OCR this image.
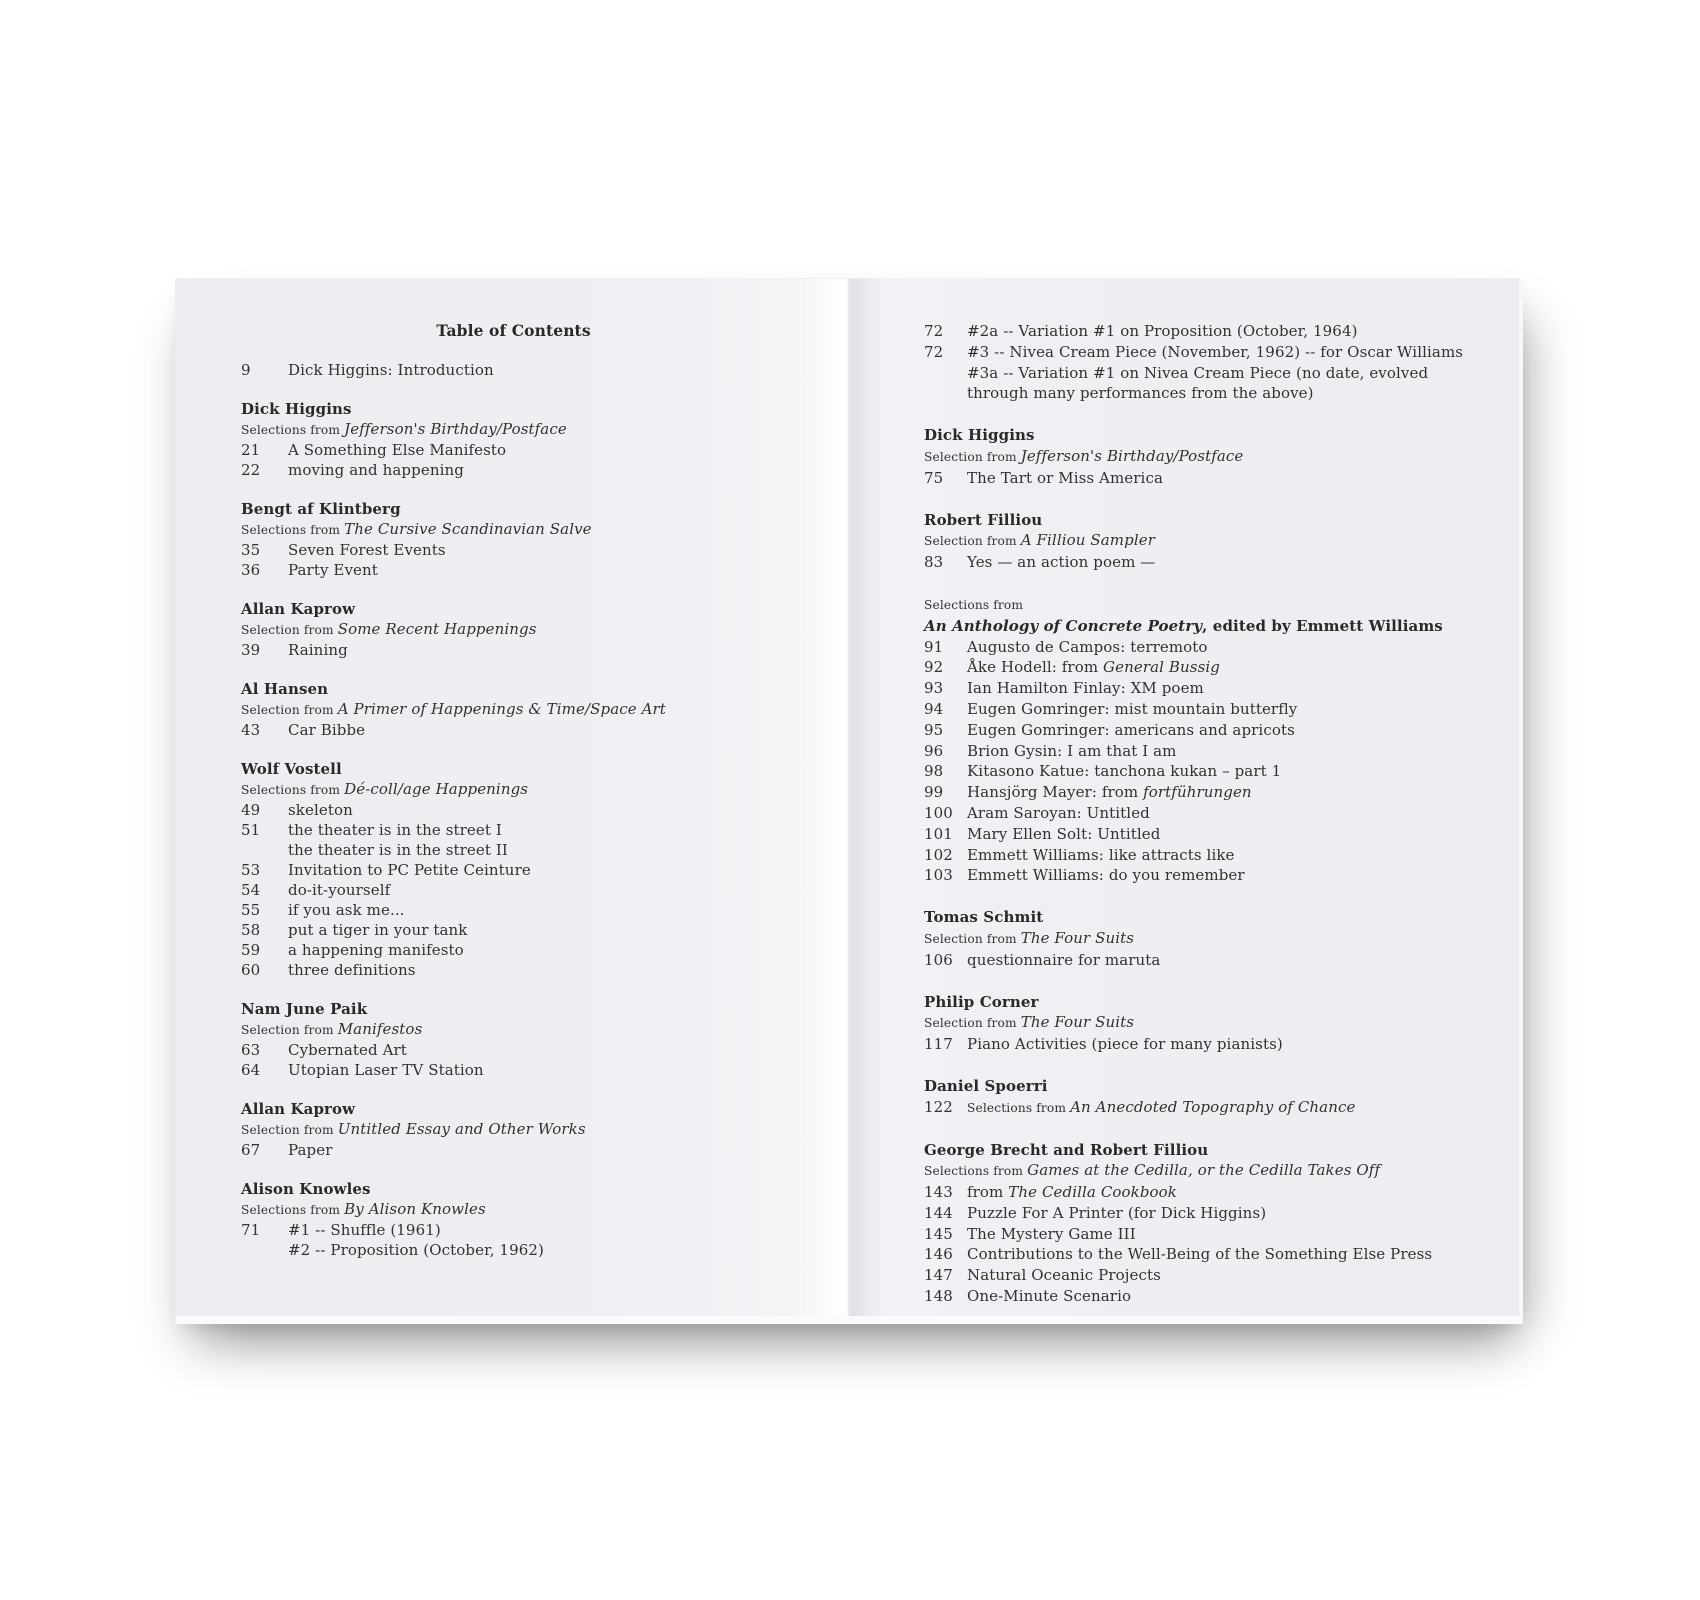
Table of Contents
9	Dick Higgins: Introduction
Dick Higgins
Selections from Jefferson's Birthday/Postface
21	A Something Else Manifesto
22	moving and happening
Bengt af Klintberg
Selections from The Cursive Scandinavian Salve
35	Seven Forest Events
36	Party Event
Allan Kaprow
Selection from Some Recent Happenings
39	Raining
Al Hansen
Selection from A Primer of Happenings & Time/Space Art
43	Car Bibbe
Wolf Vostell
Selections from Dé-coll/age Happenings
49	skeleton
51	the theater is in the street I
the theater is in the street II
53	Invitation to PC Petite Ceinture
54	do-it-yourself
55	if you ask me...
58	put a tiger in your tank
59	a happening manifesto
60	three definitions
Nam June Paik
Selection from Manifestos
63	Cybernated Art
64	Utopian Laser TV Station
Allan Kaprow
Selection from Untitled Essay and Other Works
67	Paper
Alison Knowles
Selections from By Alison Knowles
71	#1 -- Shuffle (1961)
#2 -- Proposition (October, 1962)
72	#2a -- Variation #1 on Proposition (October, 1964)
72	#3 -- Nivea Cream Piece (November, 1962) -- for Oscar Williams
#3a -- Variation #1 on Nivea Cream Piece (no date, evolved
through many performances from the above)
Dick Higgins
Selection from Jefferson's Birthday/Postface
75	The Tart or Miss America
Robert Filliou
Selection from A Filliou Sampler
83	Yes — an action poem —
Selections from
An Anthology of Concrete Poetry, edited by Emmett Williams
91	Augusto de Campos: terremoto
92	Åke Hodell: from General Bussig
93	Ian Hamilton Finlay: XM poem
94	Eugen Gomringer: mist mountain butterfly
95	Eugen Gomringer: americans and apricots
96	Brion Gysin: I am that I am
98	Kitasono Katue: tanchona kukan – part 1
99	Hansjörg Mayer: from fortführungen
100 Aram Saroyan: Untitled
101 Mary Ellen Solt: Untitled
102 Emmett Williams: like attracts like
103 Emmett Williams: do you remember
Tomas Schmit
Selection from The Four Suits
106 questionnaire for maruta
Philip Corner
Selection from The Four Suits
117 Piano Activities (piece for many pianists)
Daniel Spoerri
122	Selections from An Anecdoted Topography of Chance
George Brecht and Robert Filliou
Selections from Games at the Cedilla, or the Cedilla Takes Off
143 from The Cedilla Cookbook
144 Puzzle For A Printer (for Dick Higgins)
145 The Mystery Game III
146 Contributions to the Well-Being of the Something Else Press
147 Natural Oceanic Projects
148 One-Minute Scenario
